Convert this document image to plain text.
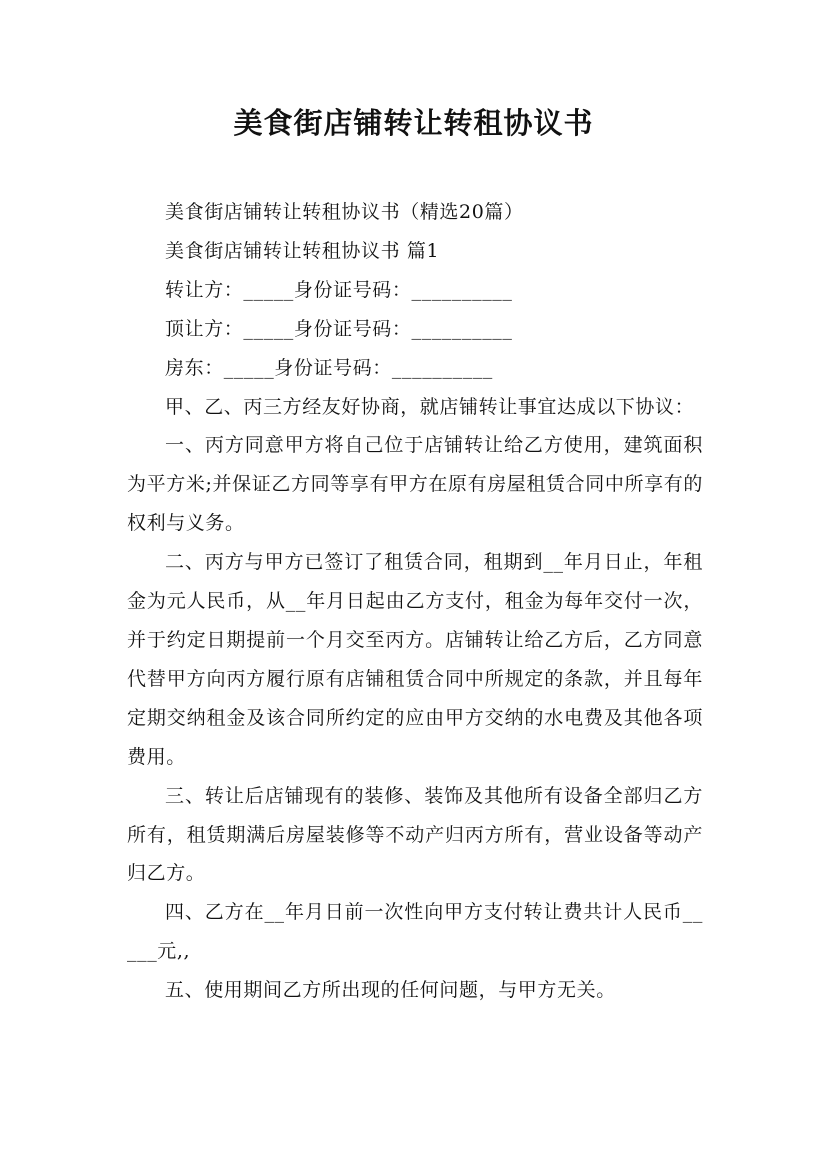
美食街店铺转让转租协议书

美食街店铺转让转租协议书（精选20篇）

美食街店铺转让转租协议书 篇1

转让方：_____身份证号码：__________

顶让方：_____身份证号码：__________

房东：_____身份证号码：__________

甲、乙、丙三方经友好协商，就店铺转让事宜达成以下协议：

一、丙方同意甲方将自己位于店铺转让给乙方使用，建筑面积为平方米;并保证乙方同等享有甲方在原有房屋租赁合同中所享有的权利与义务。

二、丙方与甲方已签订了租赁合同，租期到__年月日止，年租金为元人民币，从__年月日起由乙方支付，租金为每年交付一次，并于约定日期提前一个月交至丙方。店铺转让给乙方后，乙方同意代替甲方向丙方履行原有店铺租赁合同中所规定的条款，并且每年定期交纳租金及该合同所约定的应由甲方交纳的水电费及其他各项费用。

三、转让后店铺现有的装修、装饰及其他所有设备全部归乙方所有，租赁期满后房屋装修等不动产归丙方所有，营业设备等动产归乙方。

四、乙方在__年月日前一次性向甲方支付转让费共计人民币_____元,,

五、使用期间乙方所出现的任何问题，与甲方无关。
